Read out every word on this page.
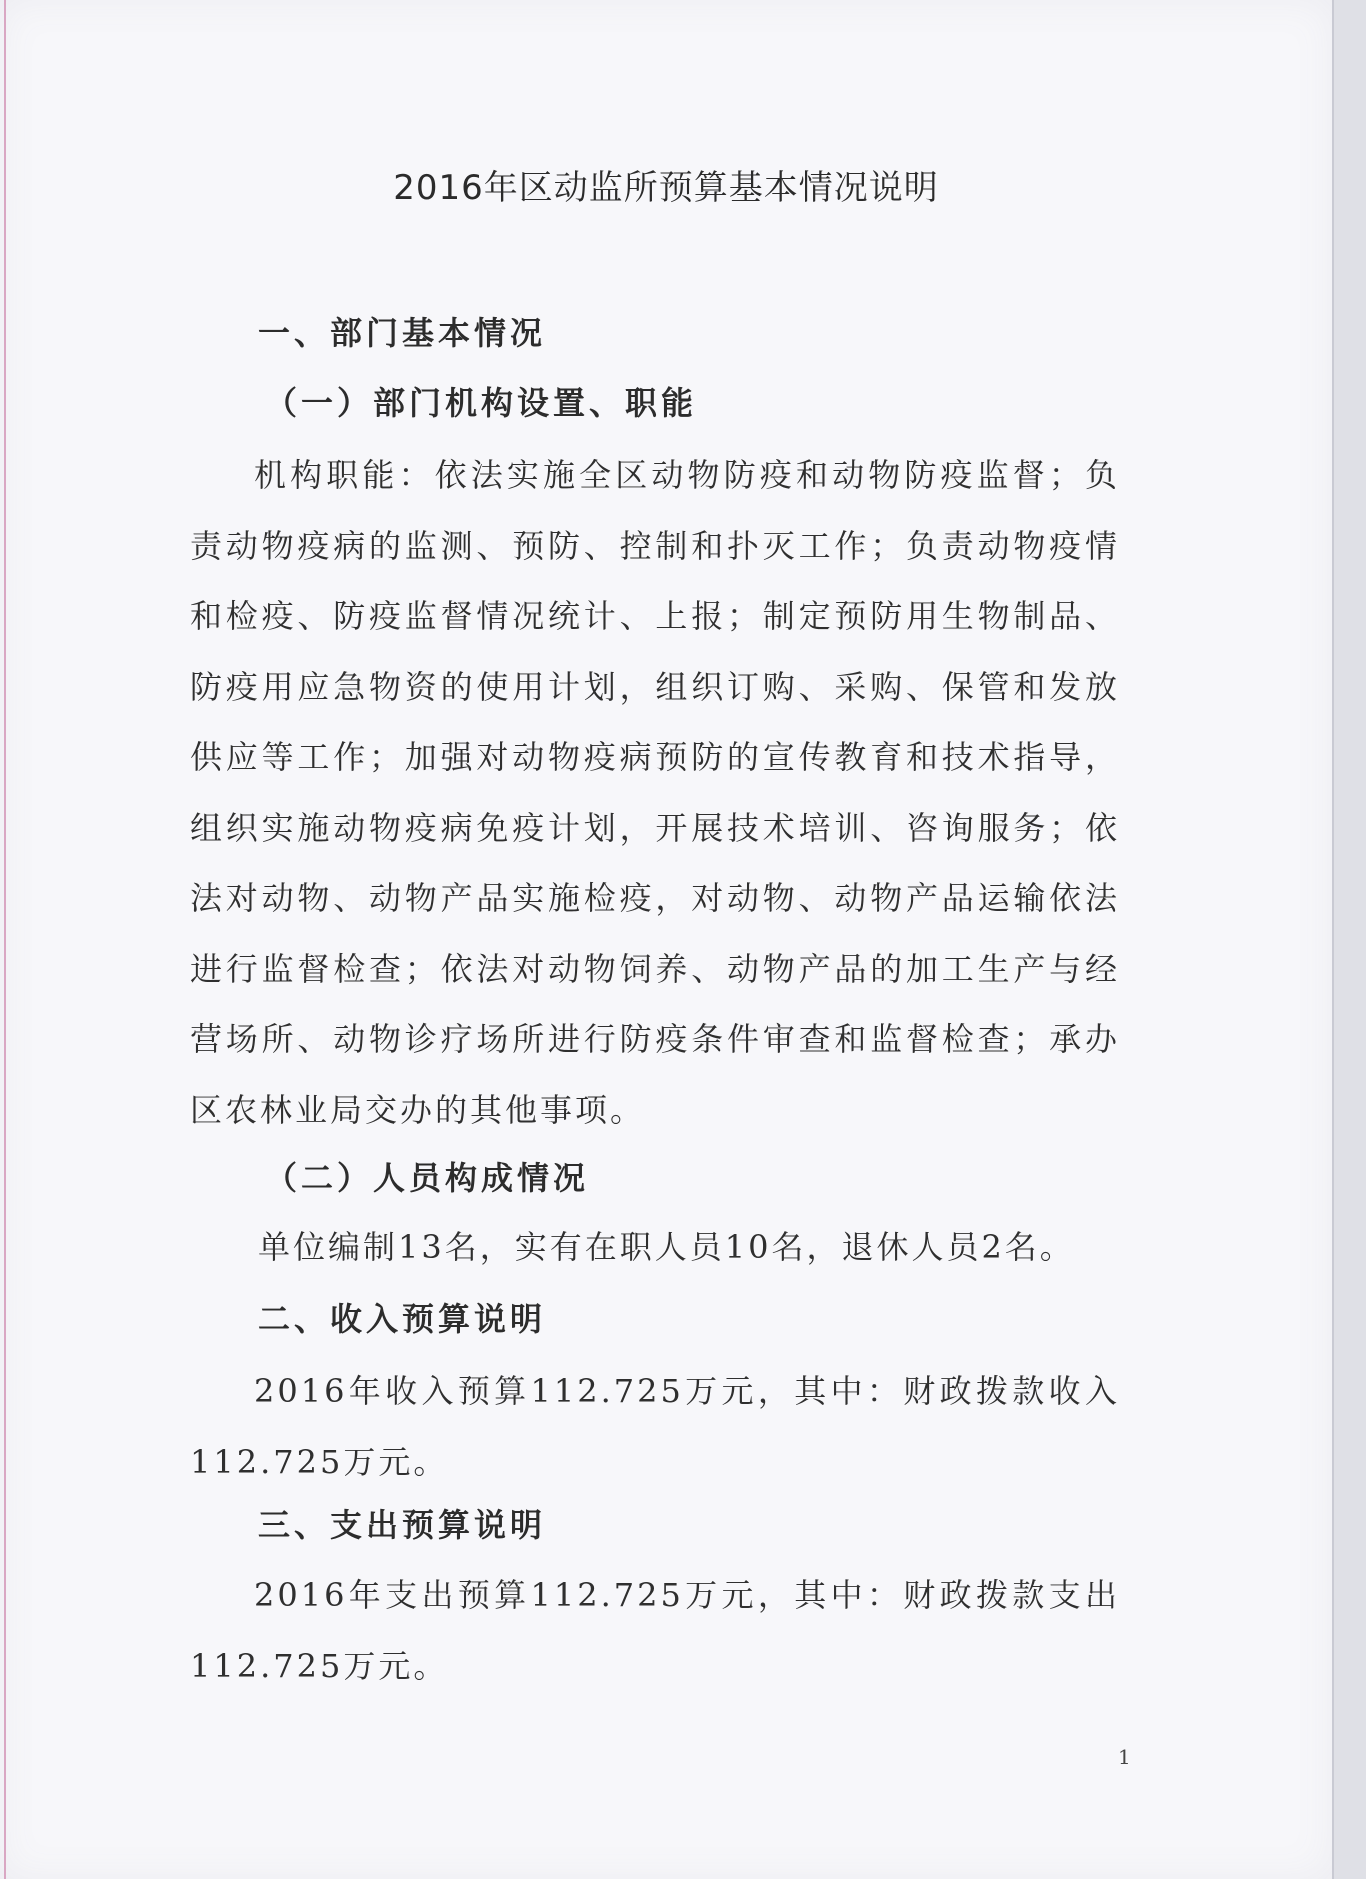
2016年区动监所预算基本情况说明
一、部门基本情况
（一）部门机构设置、职能
机构职能：依法实施全区动物防疫和动物防疫监督；负责动物疫病的监测、预防、控制和扑灭工作；负责动物疫情和检疫、防疫监督情况统计、上报；制定预防用生物制品、防疫用应急物资的使用计划，组织订购、采购、保管和发放供应等工作；加强对动物疫病预防的宣传教育和技术指导，组织实施动物疫病免疫计划，开展技术培训、咨询服务；依法对动物、动物产品实施检疫，对动物、动物产品运输依法进行监督检查；依法对动物饲养、动物产品的加工生产与经营场所、动物诊疗场所进行防疫条件审查和监督检查；承办区农林业局交办的其他事项。
（二）人员构成情况
单位编制13名，实有在职人员10名，退休人员2名。
二、收入预算说明
2016年收入预算112.725万元，其中：财政拨款收入112.725万元。
三、支出预算说明
2016年支出预算112.725万元，其中：财政拨款支出112.725万元。
1
